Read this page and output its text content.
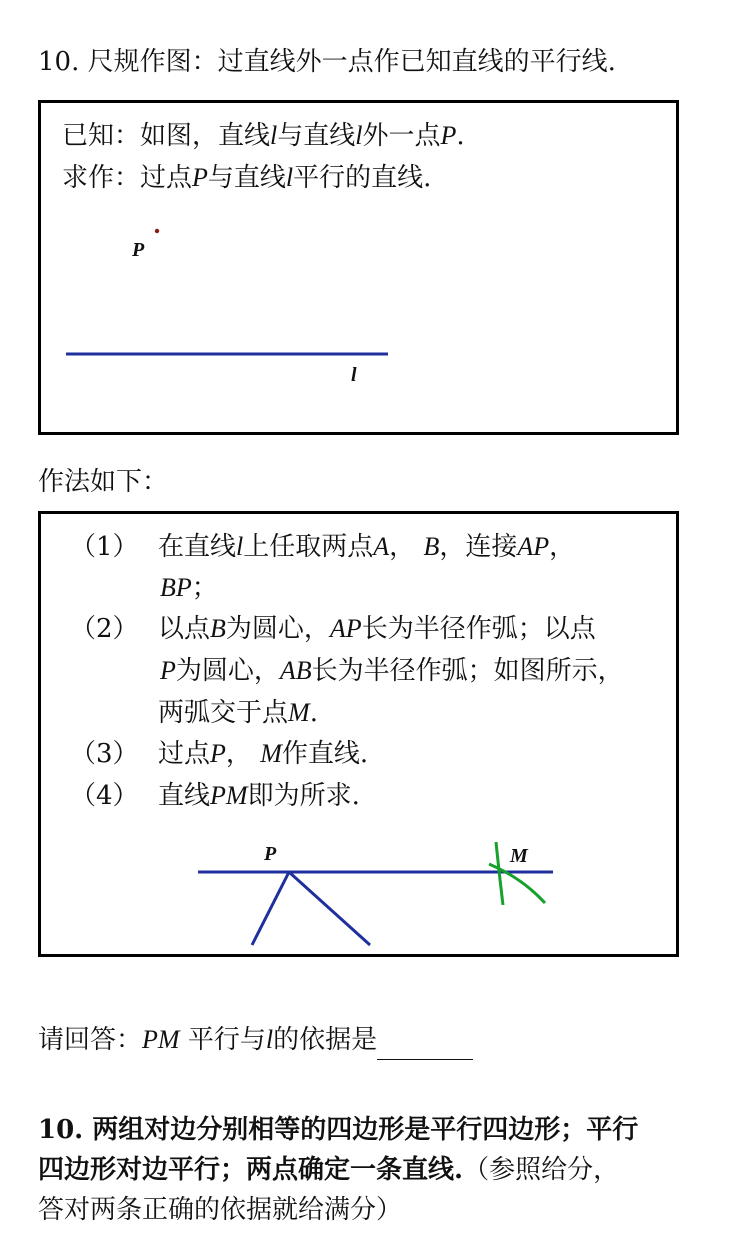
10. 尺规作图：过直线外一点作已知直线的平行线.
已知：如图，直线l与直线l外一点P.
求作：过点P与直线l平行的直线.
P
l
作法如下：
（1） 在直线l上任取两点A， B，连接AP，
BP；
（2） 以点B为圆心，AP长为半径作弧；以点
P为圆心，AB长为半径作弧；如图所示，
两弧交于点M.
（3） 过点P， M作直线.
（4） 直线PM即为所求.
P	M
请回答：PM 平行与l的依据是
10. 两组对边分别相等的四边形是平行四边形；平行
四边形对边平行；两点确定一条直线.（参照给分，
答对两条正确的依据就给满分）
